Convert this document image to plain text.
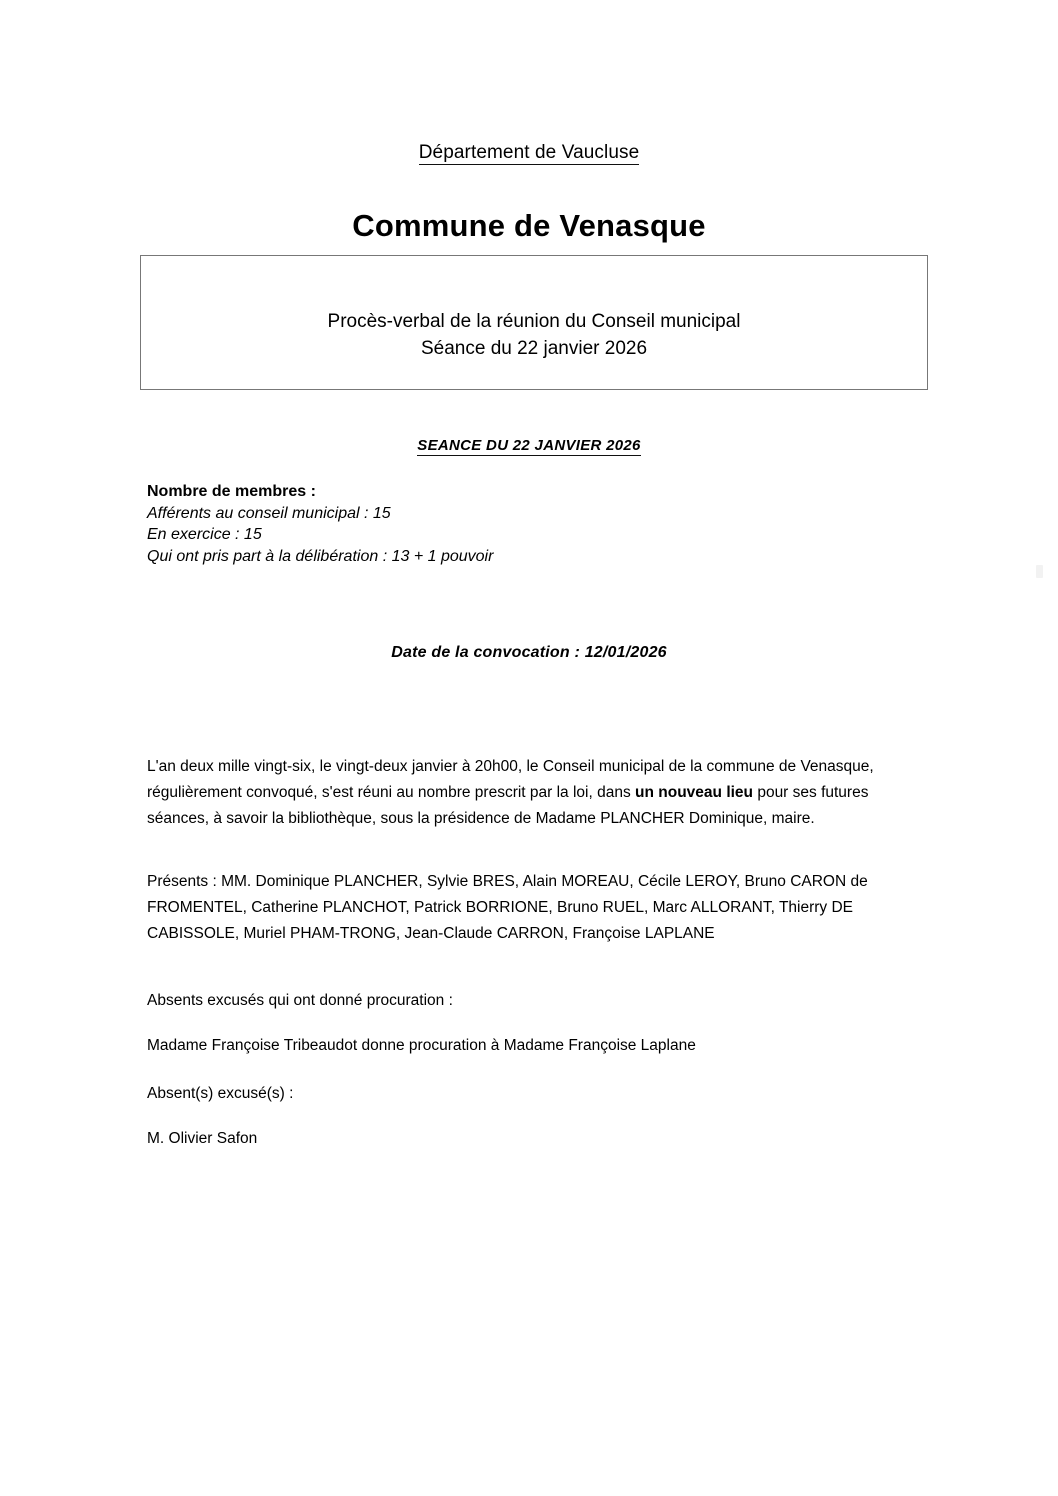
Département de Vaucluse
Commune de Venasque
Procès-verbal de la réunion du Conseil municipal
Séance du 22 janvier 2026
SEANCE DU 22 JANVIER 2026
Nombre de membres :
Afférents au conseil municipal : 15
En exercice : 15
Qui ont pris part à la délibération : 13 + 1 pouvoir
Date de la convocation : 12/01/2026

L'an deux mille vingt-six, le vingt-deux janvier à 20h00, le Conseil municipal de la commune de Venasque, régulièrement convoqué, s'est réuni au nombre prescrit par la loi, dans un nouveau lieu pour ses futures séances, à savoir la bibliothèque, sous la présidence de Madame PLANCHER Dominique, maire.

Présents : MM. Dominique PLANCHER, Sylvie BRES, Alain MOREAU, Cécile LEROY, Bruno CARON de FROMENTEL, Catherine PLANCHOT, Patrick BORRIONE, Bruno RUEL, Marc ALLORANT, Thierry DE CABISSOLE, Muriel PHAM-TRONG, Jean-Claude CARRON, Françoise LAPLANE

Absents excusés qui ont donné procuration :

Madame Françoise Tribeaudot donne procuration à Madame Françoise Laplane

Absent(s) excusé(s) :

M. Olivier Safon
